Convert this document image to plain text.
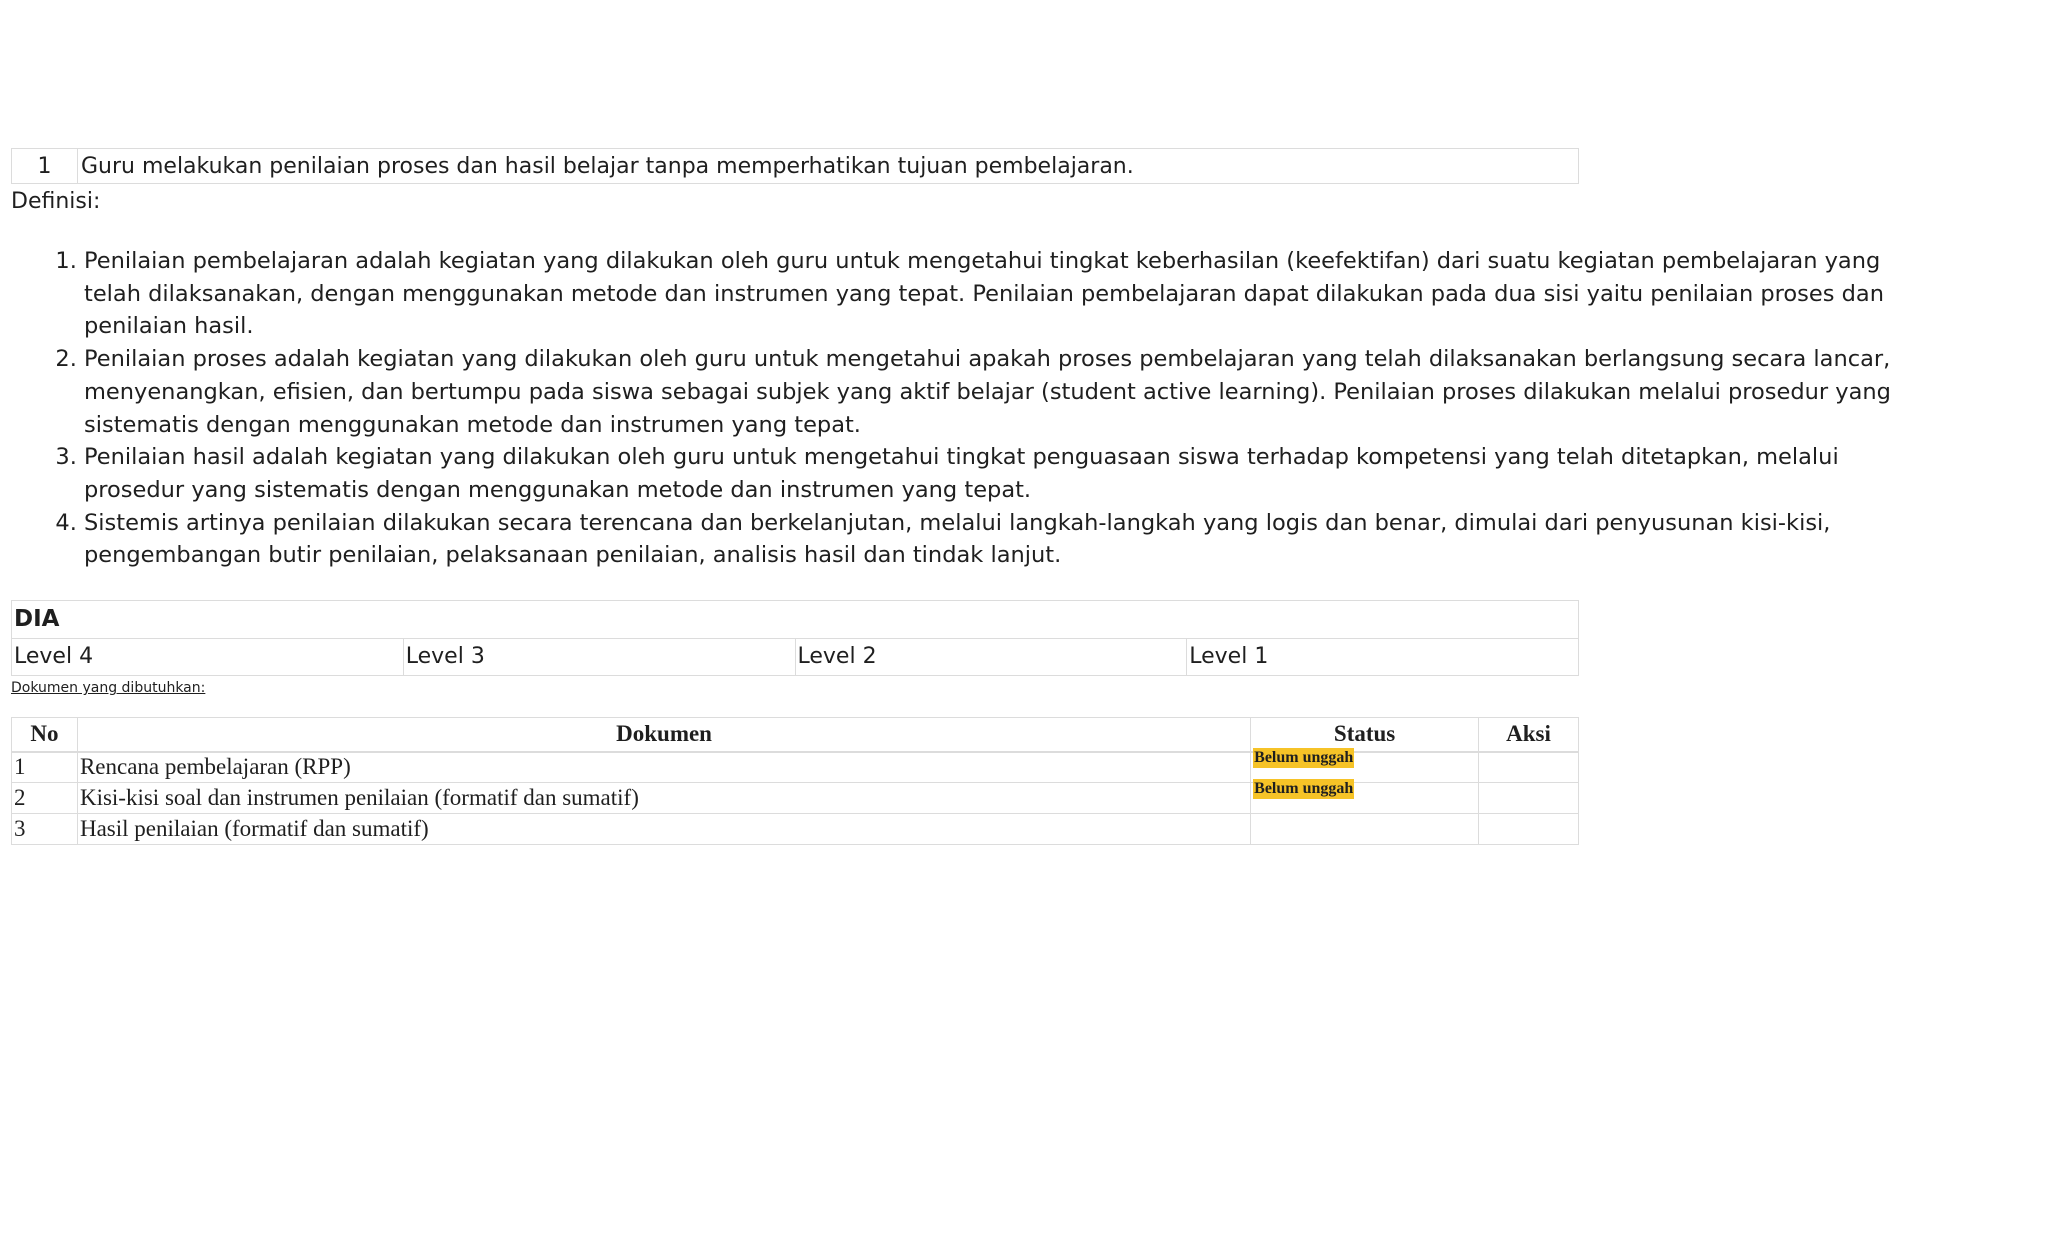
1	Guru melakukan penilaian proses dan hasil belajar tanpa memperhatikan tujuan pembelajaran.
Definisi:
1. Penilaian pembelajaran adalah kegiatan yang dilakukan oleh guru untuk mengetahui tingkat keberhasilan (keefektifan) dari suatu kegiatan pembelajaran yang telah dilaksanakan, dengan menggunakan metode dan instrumen yang tepat. Penilaian pembelajaran dapat dilakukan pada dua sisi yaitu penilaian proses dan penilaian hasil.
2. Penilaian proses adalah kegiatan yang dilakukan oleh guru untuk mengetahui apakah proses pembelajaran yang telah dilaksanakan berlangsung secara lancar, menyenangkan, efisien, dan bertumpu pada siswa sebagai subjek yang aktif belajar (student active learning). Penilaian proses dilakukan melalui prosedur yang sistematis dengan menggunakan metode dan instrumen yang tepat.
3. Penilaian hasil adalah kegiatan yang dilakukan oleh guru untuk mengetahui tingkat penguasaan siswa terhadap kompetensi yang telah ditetapkan, melalui prosedur yang sistematis dengan menggunakan metode dan instrumen yang tepat.
4. Sistemis artinya penilaian dilakukan secara terencana dan berkelanjutan, melalui langkah-langkah yang logis dan benar, dimulai dari penyusunan kisi-kisi, pengembangan butir penilaian, pelaksanaan penilaian, analisis hasil dan tindak lanjut.
DIA
Level 4	Level 3	Level 2	Level 1
Dokumen yang dibutuhkan:
No	Dokumen	Status	Aksi
1	Rencana pembelajaran (RPP)	Belum unggah	
2	Kisi-kisi soal dan instrumen penilaian (formatif dan sumatif)	Belum unggah	
3	Hasil penilaian (formatif dan sumatif)		
